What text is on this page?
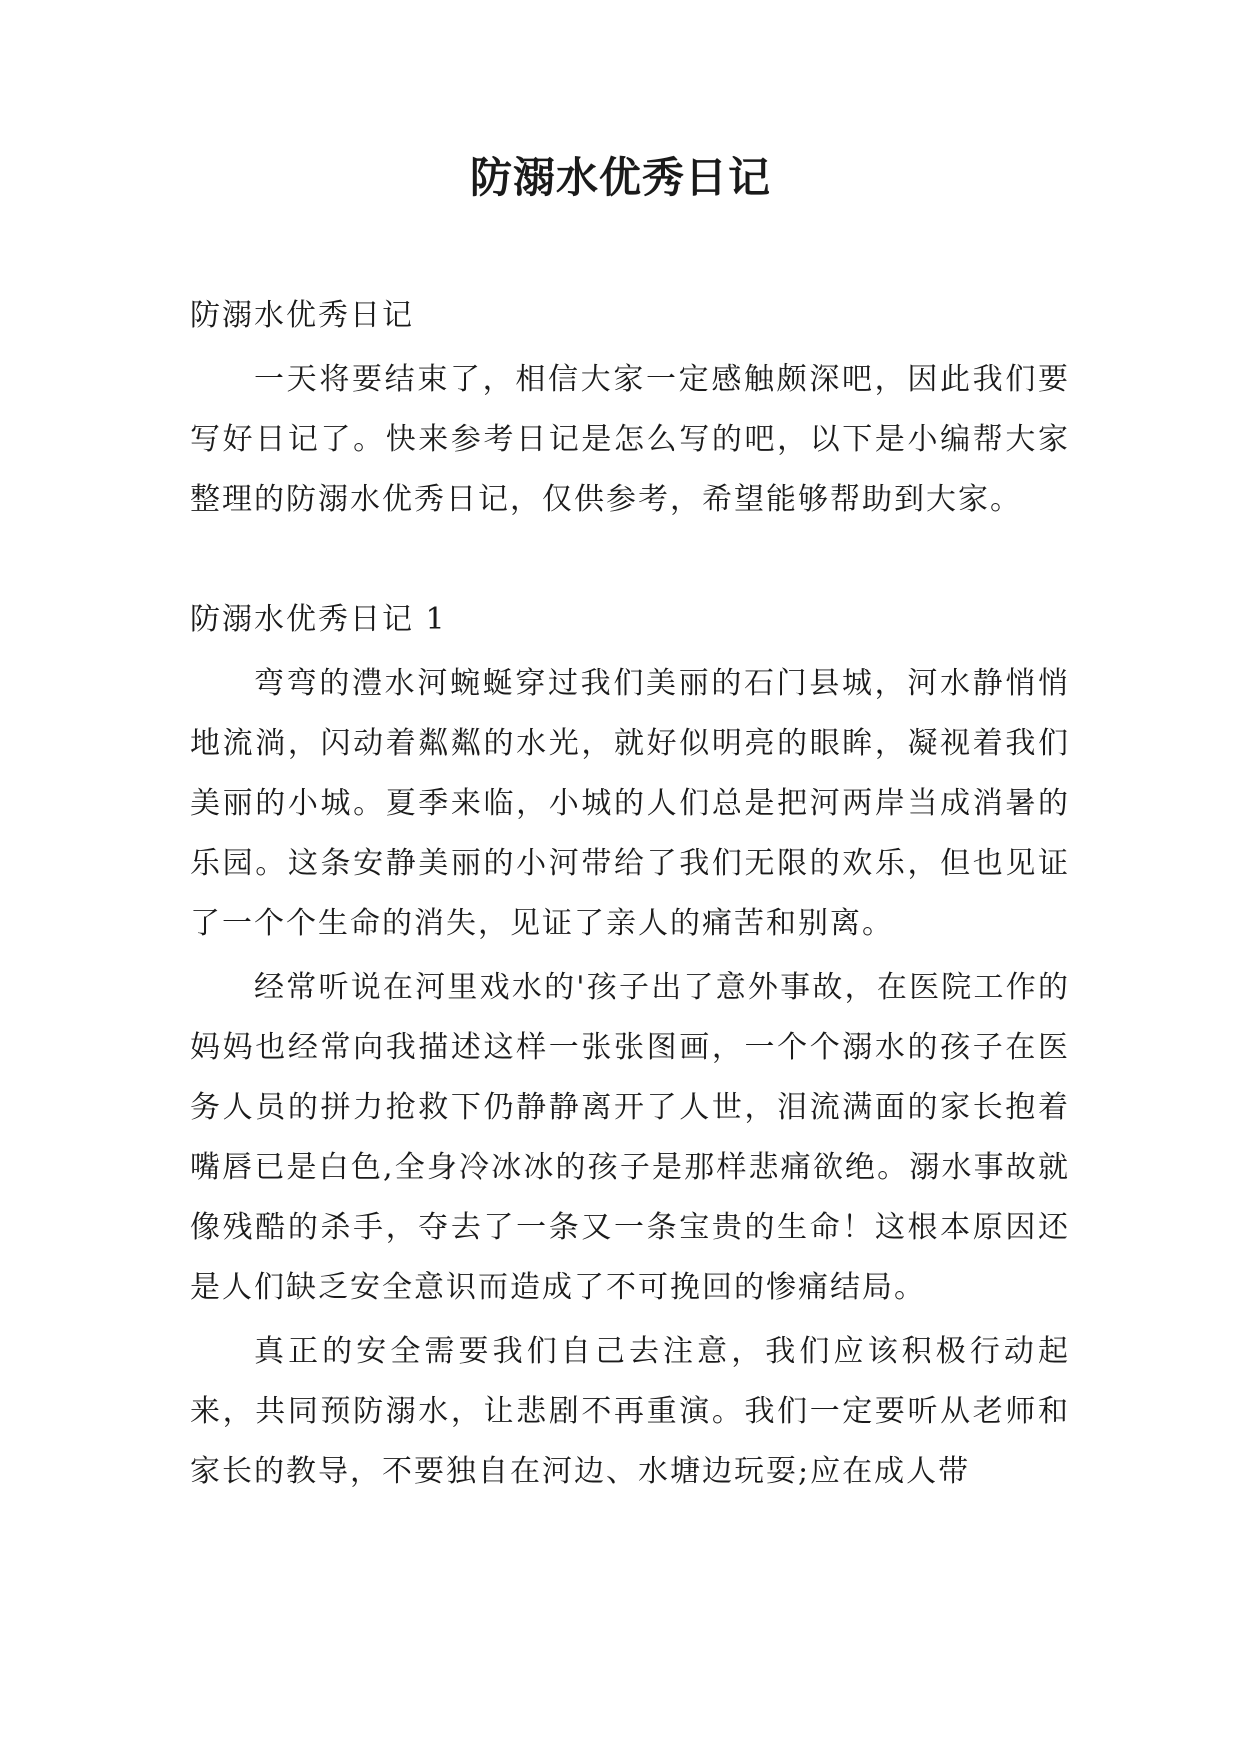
防溺水优秀日记

防溺水优秀日记

一天将要结束了，相信大家一定感触颇深吧，因此我们要写好日记了。快来参考日记是怎么写的吧，以下是小编帮大家整理的防溺水优秀日记，仅供参考，希望能够帮助到大家。

防溺水优秀日记 1

弯弯的澧水河蜿蜒穿过我们美丽的石门县城，河水静悄悄地流淌，闪动着粼粼的水光，就好似明亮的眼眸，凝视着我们美丽的小城。夏季来临，小城的人们总是把河两岸当成消暑的乐园。这条安静美丽的小河带给了我们无限的欢乐，但也见证了一个个生命的消失，见证了亲人的痛苦和别离。

经常听说在河里戏水的'孩子出了意外事故，在医院工作的妈妈也经常向我描述这样一张张图画，一个个溺水的孩子在医务人员的拼力抢救下仍静静离开了人世，泪流满面的家长抱着嘴唇已是白色,全身冷冰冰的孩子是那样悲痛欲绝。溺水事故就像残酷的杀手，夺去了一条又一条宝贵的生命！这根本原因还是人们缺乏安全意识而造成了不可挽回的惨痛结局。

真正的安全需要我们自己去注意，我们应该积极行动起来，共同预防溺水，让悲剧不再重演。我们一定要听从老师和家长的教导，不要独自在河边、水塘边玩耍;应在成人带
